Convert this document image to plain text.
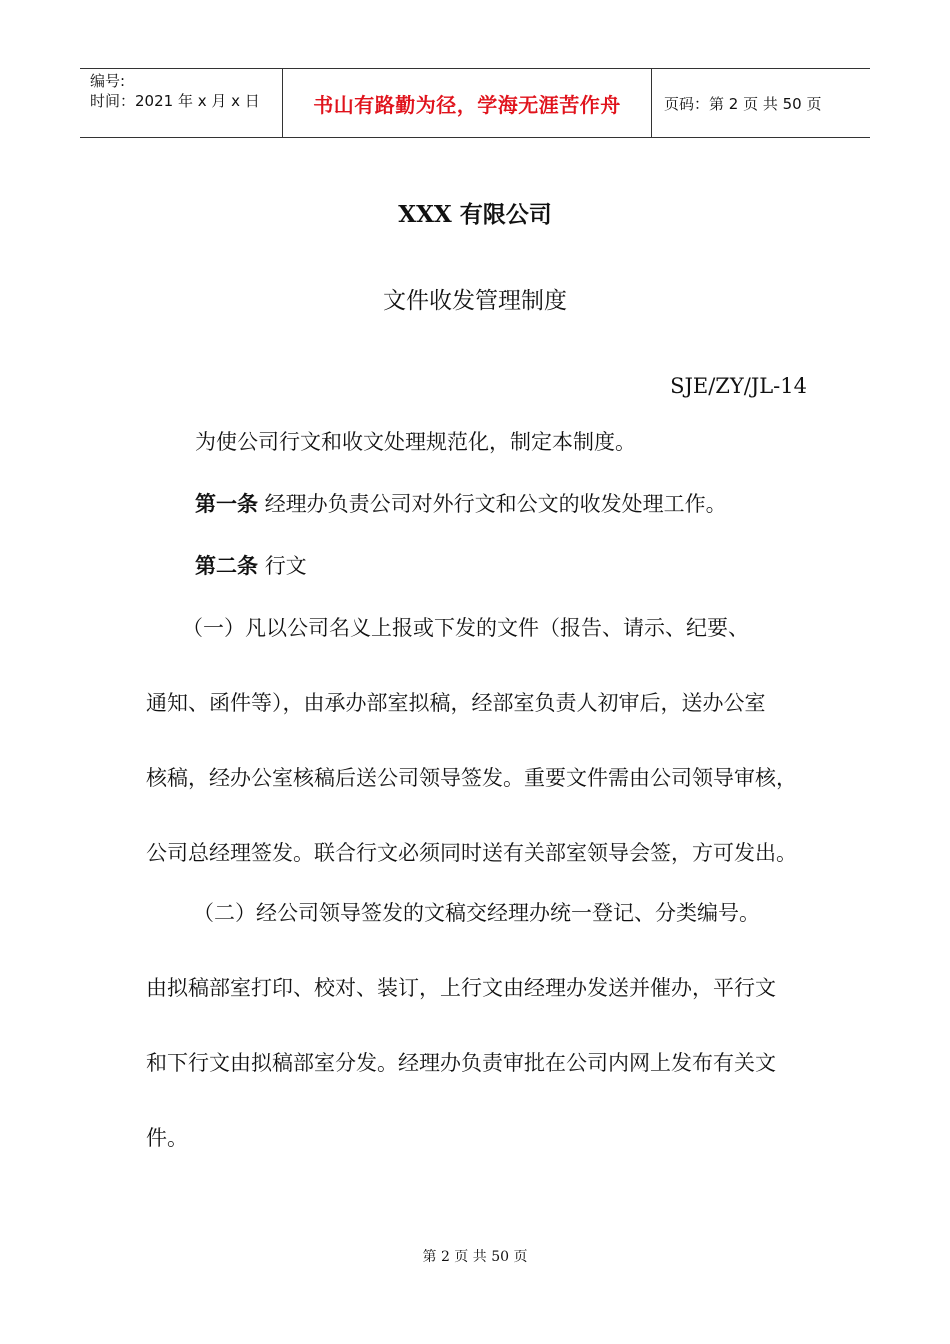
编号:
时间：2021 年 x 月 x 日	书山有路勤为径，学海无涯苦作舟	页码：第 2 页 共 50 页
XXX 有限公司
文件收发管理制度
SJE/ZY/JL-14
为使公司行文和收文处理规范化，制定本制度。
第一条 经理办负责公司对外行文和公文的收发处理工作。
第二条 行文
（一）凡以公司名义上报或下发的文件（报告、请示、纪要、
通知、函件等），由承办部室拟稿，经部室负责人初审后，送办公室
核稿，经办公室核稿后送公司领导签发。重要文件需由公司领导审核，
公司总经理签发。联合行文必须同时送有关部室领导会签，方可发出。
（二）经公司领导签发的文稿交经理办统一登记、分类编号。
由拟稿部室打印、校对、装订，上行文由经理办发送并催办，平行文
和下行文由拟稿部室分发。经理办负责审批在公司内网上发布有关文
件。
第 2 页 共 50 页
